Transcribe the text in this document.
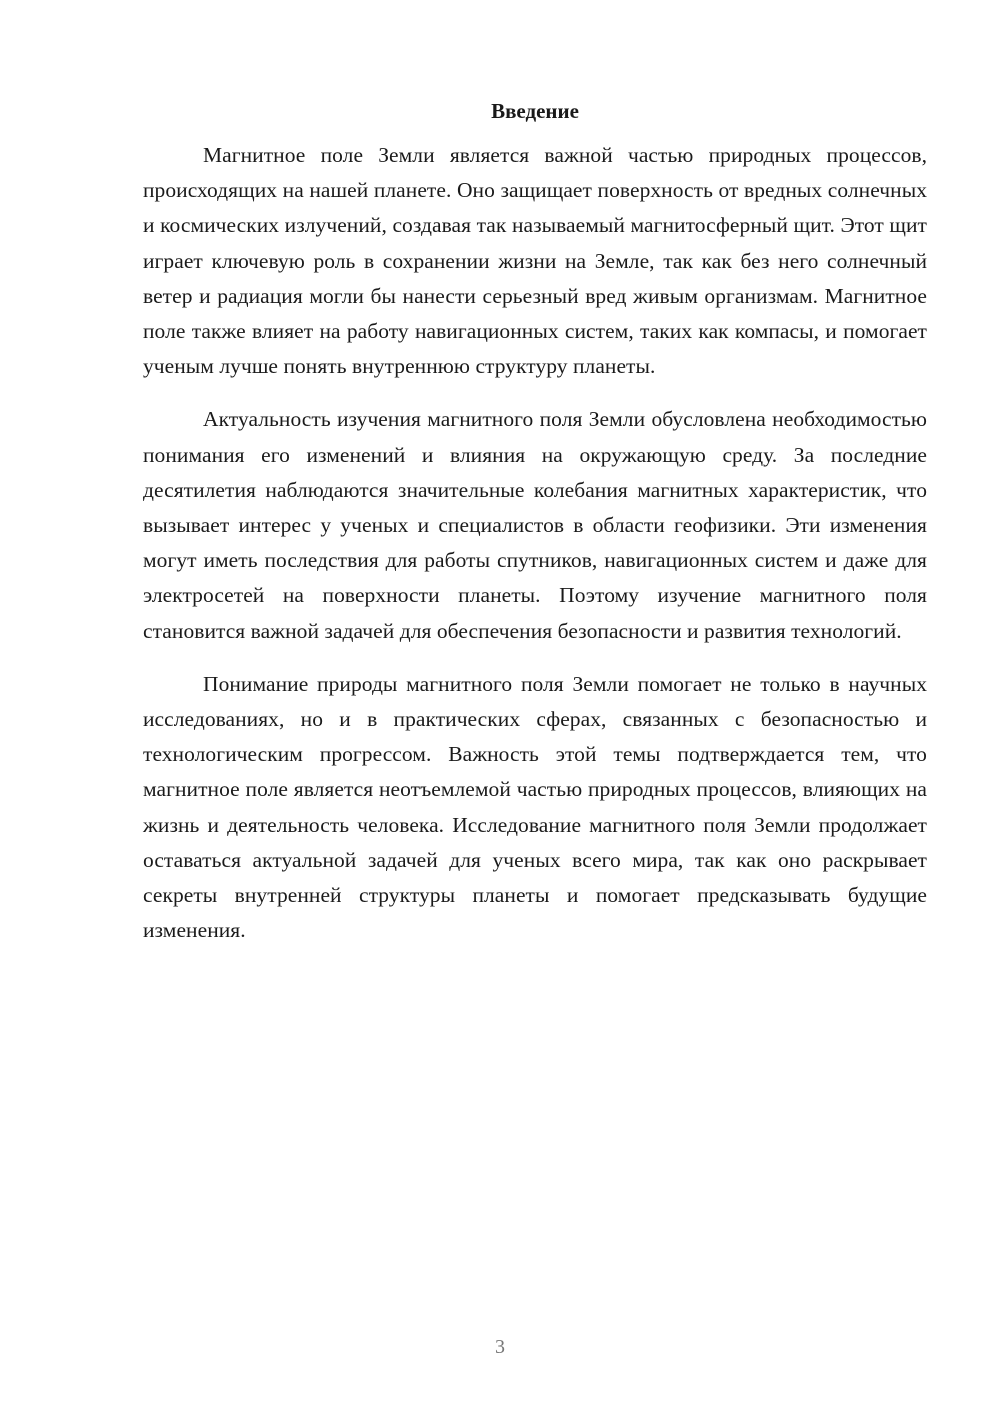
Введение

Магнитное поле Земли является важной частью природных процессов, происходящих на нашей планете. Оно защищает поверхность от вредных солнечных и космических излучений, создавая так называемый магнитосферный щит. Этот щит играет ключевую роль в сохранении жизни на Земле, так как без него солнечный ветер и радиация могли бы нанести серьезный вред живым организмам. Магнитное поле также влияет на работу навигационных систем, таких как компасы, и помогает ученым лучше понять внутреннюю структуру планеты.

Актуальность изучения магнитного поля Земли обусловлена необходимостью понимания его изменений и влияния на окружающую среду. За последние десятилетия наблюдаются значительные колебания магнитных характеристик, что вызывает интерес у ученых и специалистов в области геофизики. Эти изменения могут иметь последствия для работы спутников, навигационных систем и даже для электросетей на поверхности планеты. Поэтому изучение магнитного поля становится важной задачей для обеспечения безопасности и развития технологий.

Понимание природы магнитного поля Земли помогает не только в научных исследованиях, но и в практических сферах, связанных с безопасностью и технологическим прогрессом. Важность этой темы подтверждается тем, что магнитное поле является неотъемлемой частью природных процессов, влияющих на жизнь и деятельность человека. Исследование магнитного поля Земли продолжает оставаться актуальной задачей для ученых всего мира, так как оно раскрывает секреты внутренней структуры планеты и помогает предсказывать будущие изменения.

3
